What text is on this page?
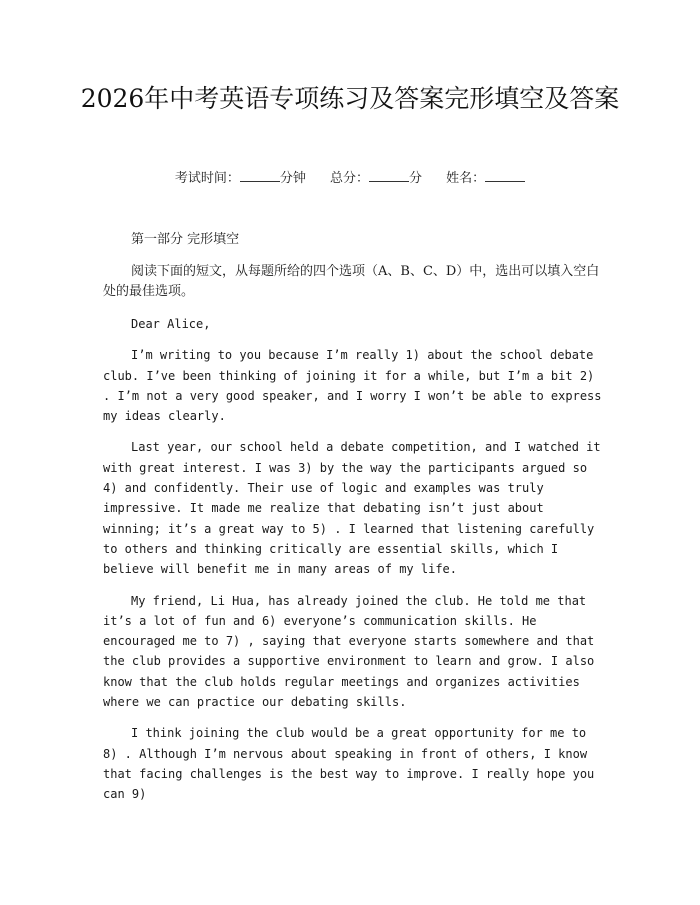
2026年中考英语专项练习及答案完形填空及答案
考试时间：	分钟 总分：	分 姓名：
第一部分 完形填空

阅读下面的短文，从每题所给的四个选项（A、B、C、D）中，选出可以填入空白处的最佳选项。

Dear Alice,

I’m writing to you because I’m really 1) about the school debate club. I’ve been thinking of joining it for a while, but I’m a bit 2) . I’m not a very good speaker, and I worry I won’t be able to express my ideas clearly.

Last year, our school held a debate competition, and I watched it with great interest. I was 3) by the way the participants argued so 4) and confidently. Their use of logic and examples was truly impressive. It made me realize that debating isn’t just about winning; it’s a great way to 5) . I learned that listening carefully to others and thinking critically are essential skills, which I believe will benefit me in many areas of my life.

My friend, Li Hua, has already joined the club. He told me that it’s a lot of fun and 6) everyone’s communication skills. He encouraged me to 7) , saying that everyone starts somewhere and that the club provides a supportive environment to learn and grow. I also know that the club holds regular meetings and organizes activities where we can practice our debating skills.

I think joining the club would be a great opportunity for me to 8) . Although I’m nervous about speaking in front of others, I know that facing challenges is the best way to improve. I really hope you can 9)
